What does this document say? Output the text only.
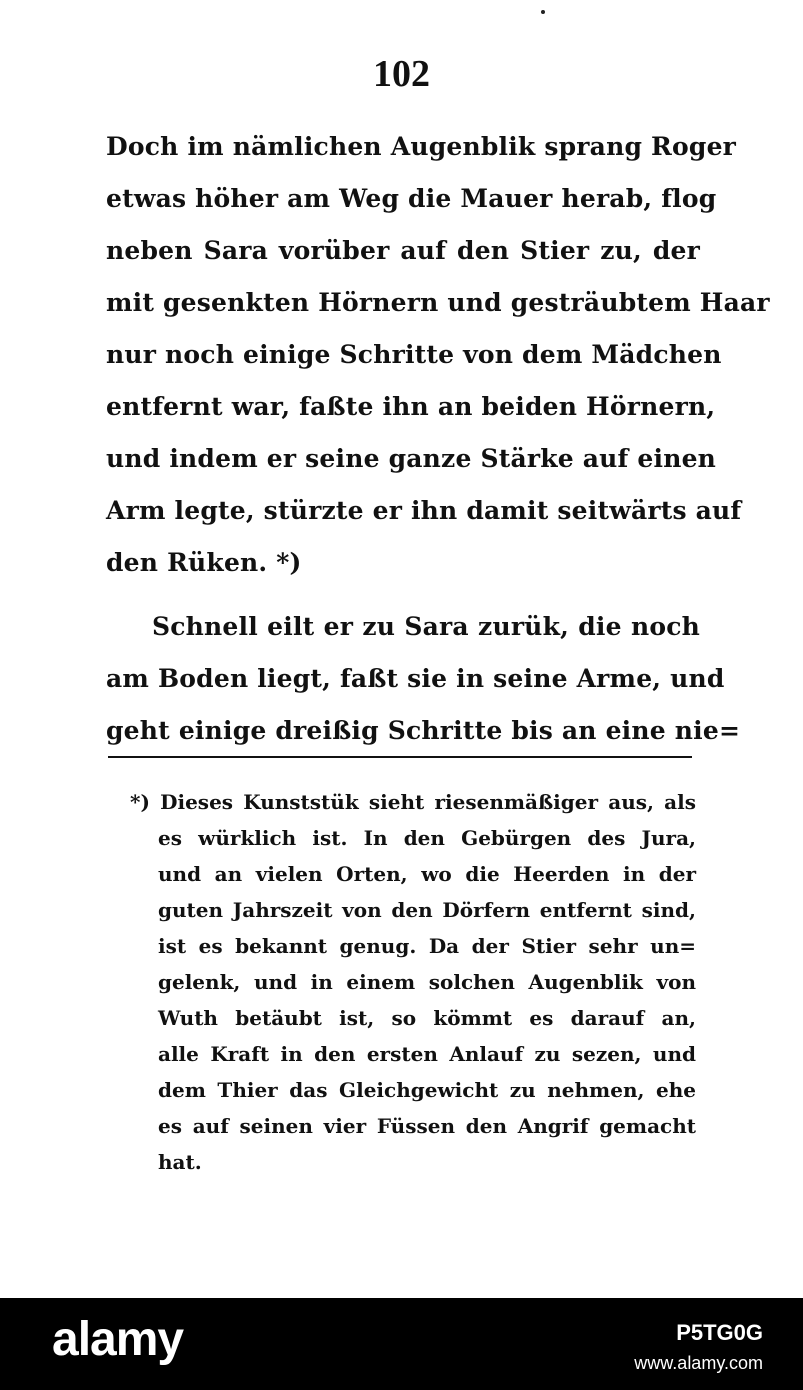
102
Doch im nämlichen Augenblik sprang Roger
etwas höher am Weg die Mauer herab, flog
neben Sara vorüber auf den Stier zu, der
mit gesenkten Hörnern und gesträubtem Haar
nur noch einige Schritte von dem Mädchen
entfernt war, faßte ihn an beiden Hörnern,
und indem er seine ganze Stärke auf einen
Arm legte, stürzte er ihn damit seitwärts auf
den Rüken. *)
Schnell eilt er zu Sara zurük, die noch
am Boden liegt, faßt sie in seine Arme, und
geht einige dreißig Schritte bis an eine nie=
*) Dieses Kunststük sieht riesenmäßiger aus, als
es würklich ist. In den Gebürgen des Jura,
und an vielen Orten, wo die Heerden in der
guten Jahrszeit von den Dörfern entfernt sind,
ist es bekannt genug. Da der Stier sehr un=
gelenk, und in einem solchen Augenblik von
Wuth betäubt ist, so kömmt es darauf an,
alle Kraft in den ersten Anlauf zu sezen, und
dem Thier das Gleichgewicht zu nehmen, ehe
es auf seinen vier Füssen den Angrif gemacht
hat.
alamy	P5TG0G
www.alamy.com
